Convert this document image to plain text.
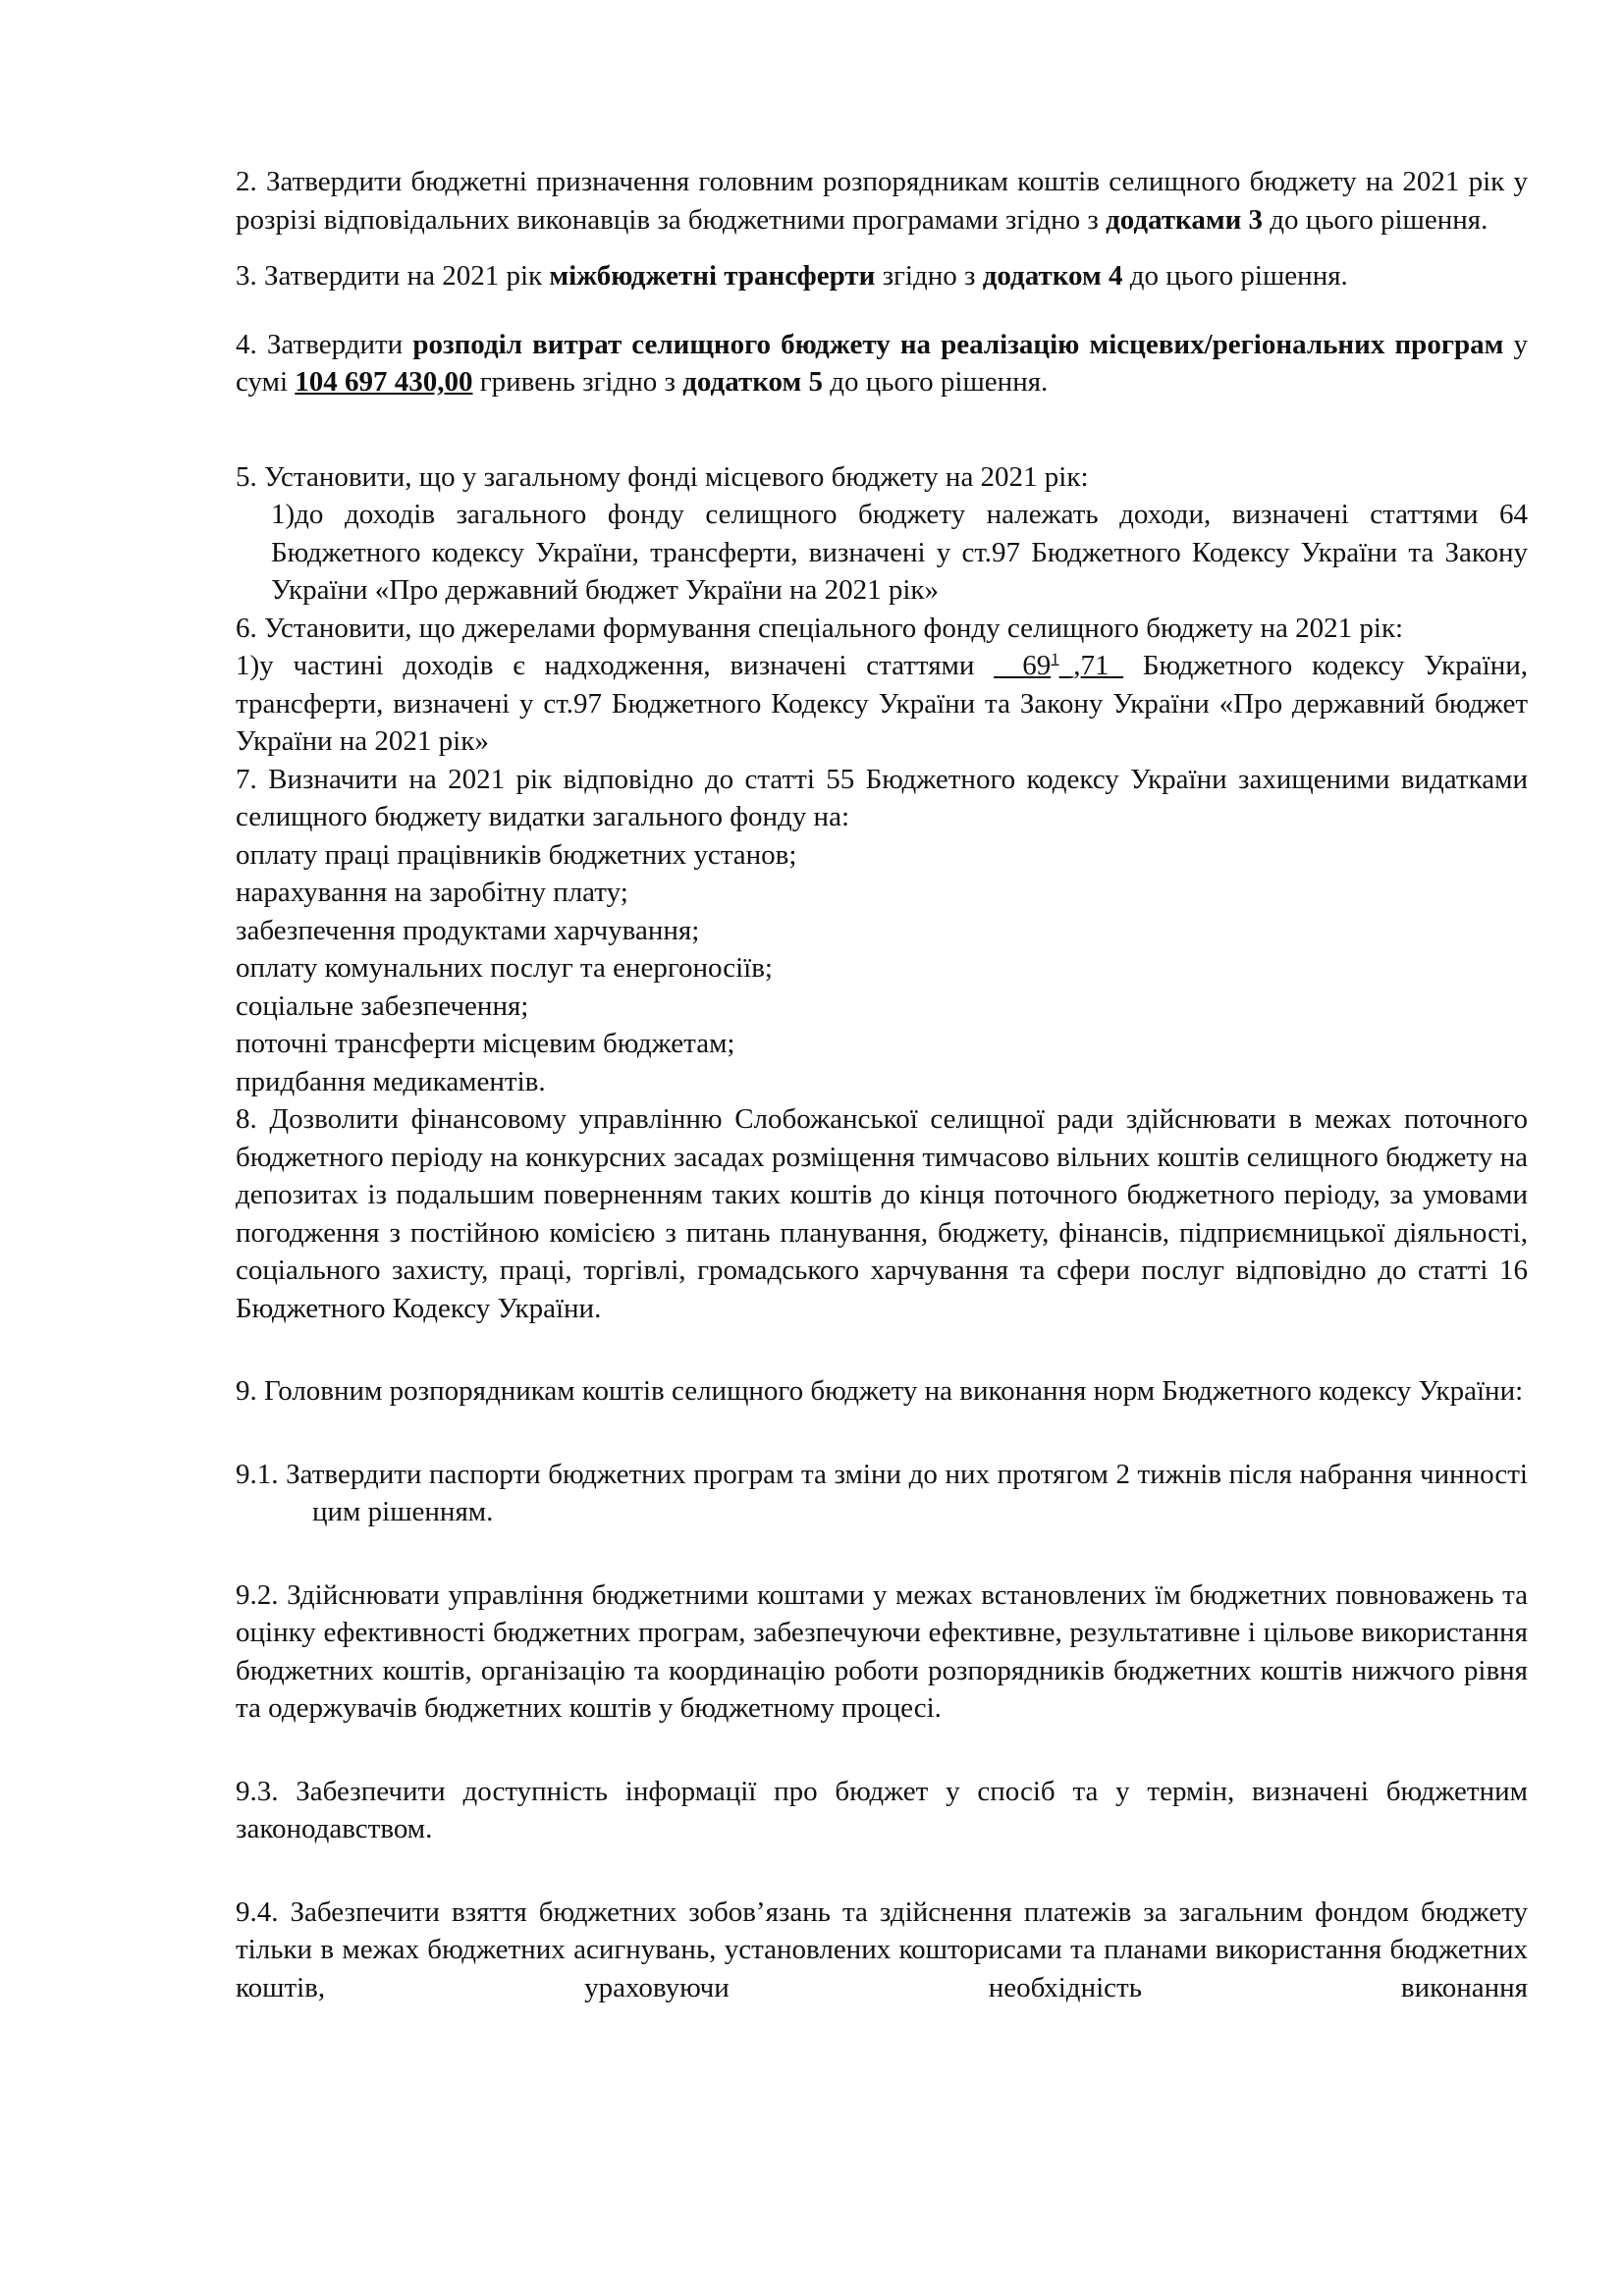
2. Затвердити бюджетні призначення головним розпорядникам коштів селищного бюджету на 2021 рік у розрізі відповідальних виконавців за бюджетними програмами згідно з додатками 3 до цього рішення.

3. Затвердити на 2021 рік міжбюджетні трансферти згідно з додатком 4 до цього рішення.

4. Затвердити розподіл витрат селищного бюджету на реалізацію місцевих/регіональних програм у сумі 104 697 430,00 гривень згідно з додатком 5 до цього рішення.

5. Установити, що у загальному фонді місцевого бюджету на 2021 рік:

1)до доходів загального фонду селищного бюджету належать доходи, визначені статтями 64 Бюджетного кодексу України, трансферти, визначені у ст.97 Бюджетного Кодексу України та Закону України «Про державний бюджет України на 2021 рік»

6. Установити, що джерелами формування спеціального фонду селищного бюджету на 2021 рік:

1)у частині доходів є надходження, визначені статтями $\_\_69^1\_,71\_$ Бюджетного кодексу України, трансферти, визначені у ст.97 Бюджетного Кодексу України та Закону України «Про державний бюджет України на 2021 рік»

7. Визначити на 2021 рік відповідно до статті 55 Бюджетного кодексу України захищеними видатками селищного бюджету видатки загального фонду на:

оплату праці працівників бюджетних установ;

нарахування на заробітну плату;

забезпечення продуктами харчування;

оплату комунальних послуг та енергоносіїв;

соціальне забезпечення;

поточні трансферти місцевим бюджетам;

придбання медикаментів.

8. Дозволити фінансовому управлінню Слобожанської селищної ради здійснювати в межах поточного бюджетного періоду на конкурсних засадах розміщення тимчасово вільних коштів селищного бюджету на депозитах із подальшим поверненням таких коштів до кінця поточного бюджетного періоду, за умовами погодження з постійною комісією з питань планування, бюджету, фінансів, підприємницької діяльності, соціального захисту, праці, торгівлі, громадського харчування та сфери послуг відповідно до статті 16 Бюджетного Кодексу України.

9. Головним розпорядникам коштів селищного бюджету на виконання норм Бюджетного кодексу України:

9.1. Затвердити паспорти бюджетних програм та зміни до них протягом 2 тижнів після набрання чинності цим рішенням.

9.2. Здійснювати управління бюджетними коштами у межах встановлених їм бюджетних повноважень та оцінку ефективності бюджетних програм, забезпечуючи ефективне, результативне і цільове використання бюджетних коштів, організацію та координацію роботи розпорядників бюджетних коштів нижчого рівня та одержувачів бюджетних коштів у бюджетному процесі.

9.3. Забезпечити доступність інформації про бюджет у спосіб та у термін, визначені бюджетним законодавством.

9.4. Забезпечити взяття бюджетних зобов’язань та здійснення платежів за загальним фондом бюджету тільки в межах бюджетних асигнувань, установлених кошторисами та планами використання бюджетних коштів, ураховуючи необхідність виконання
